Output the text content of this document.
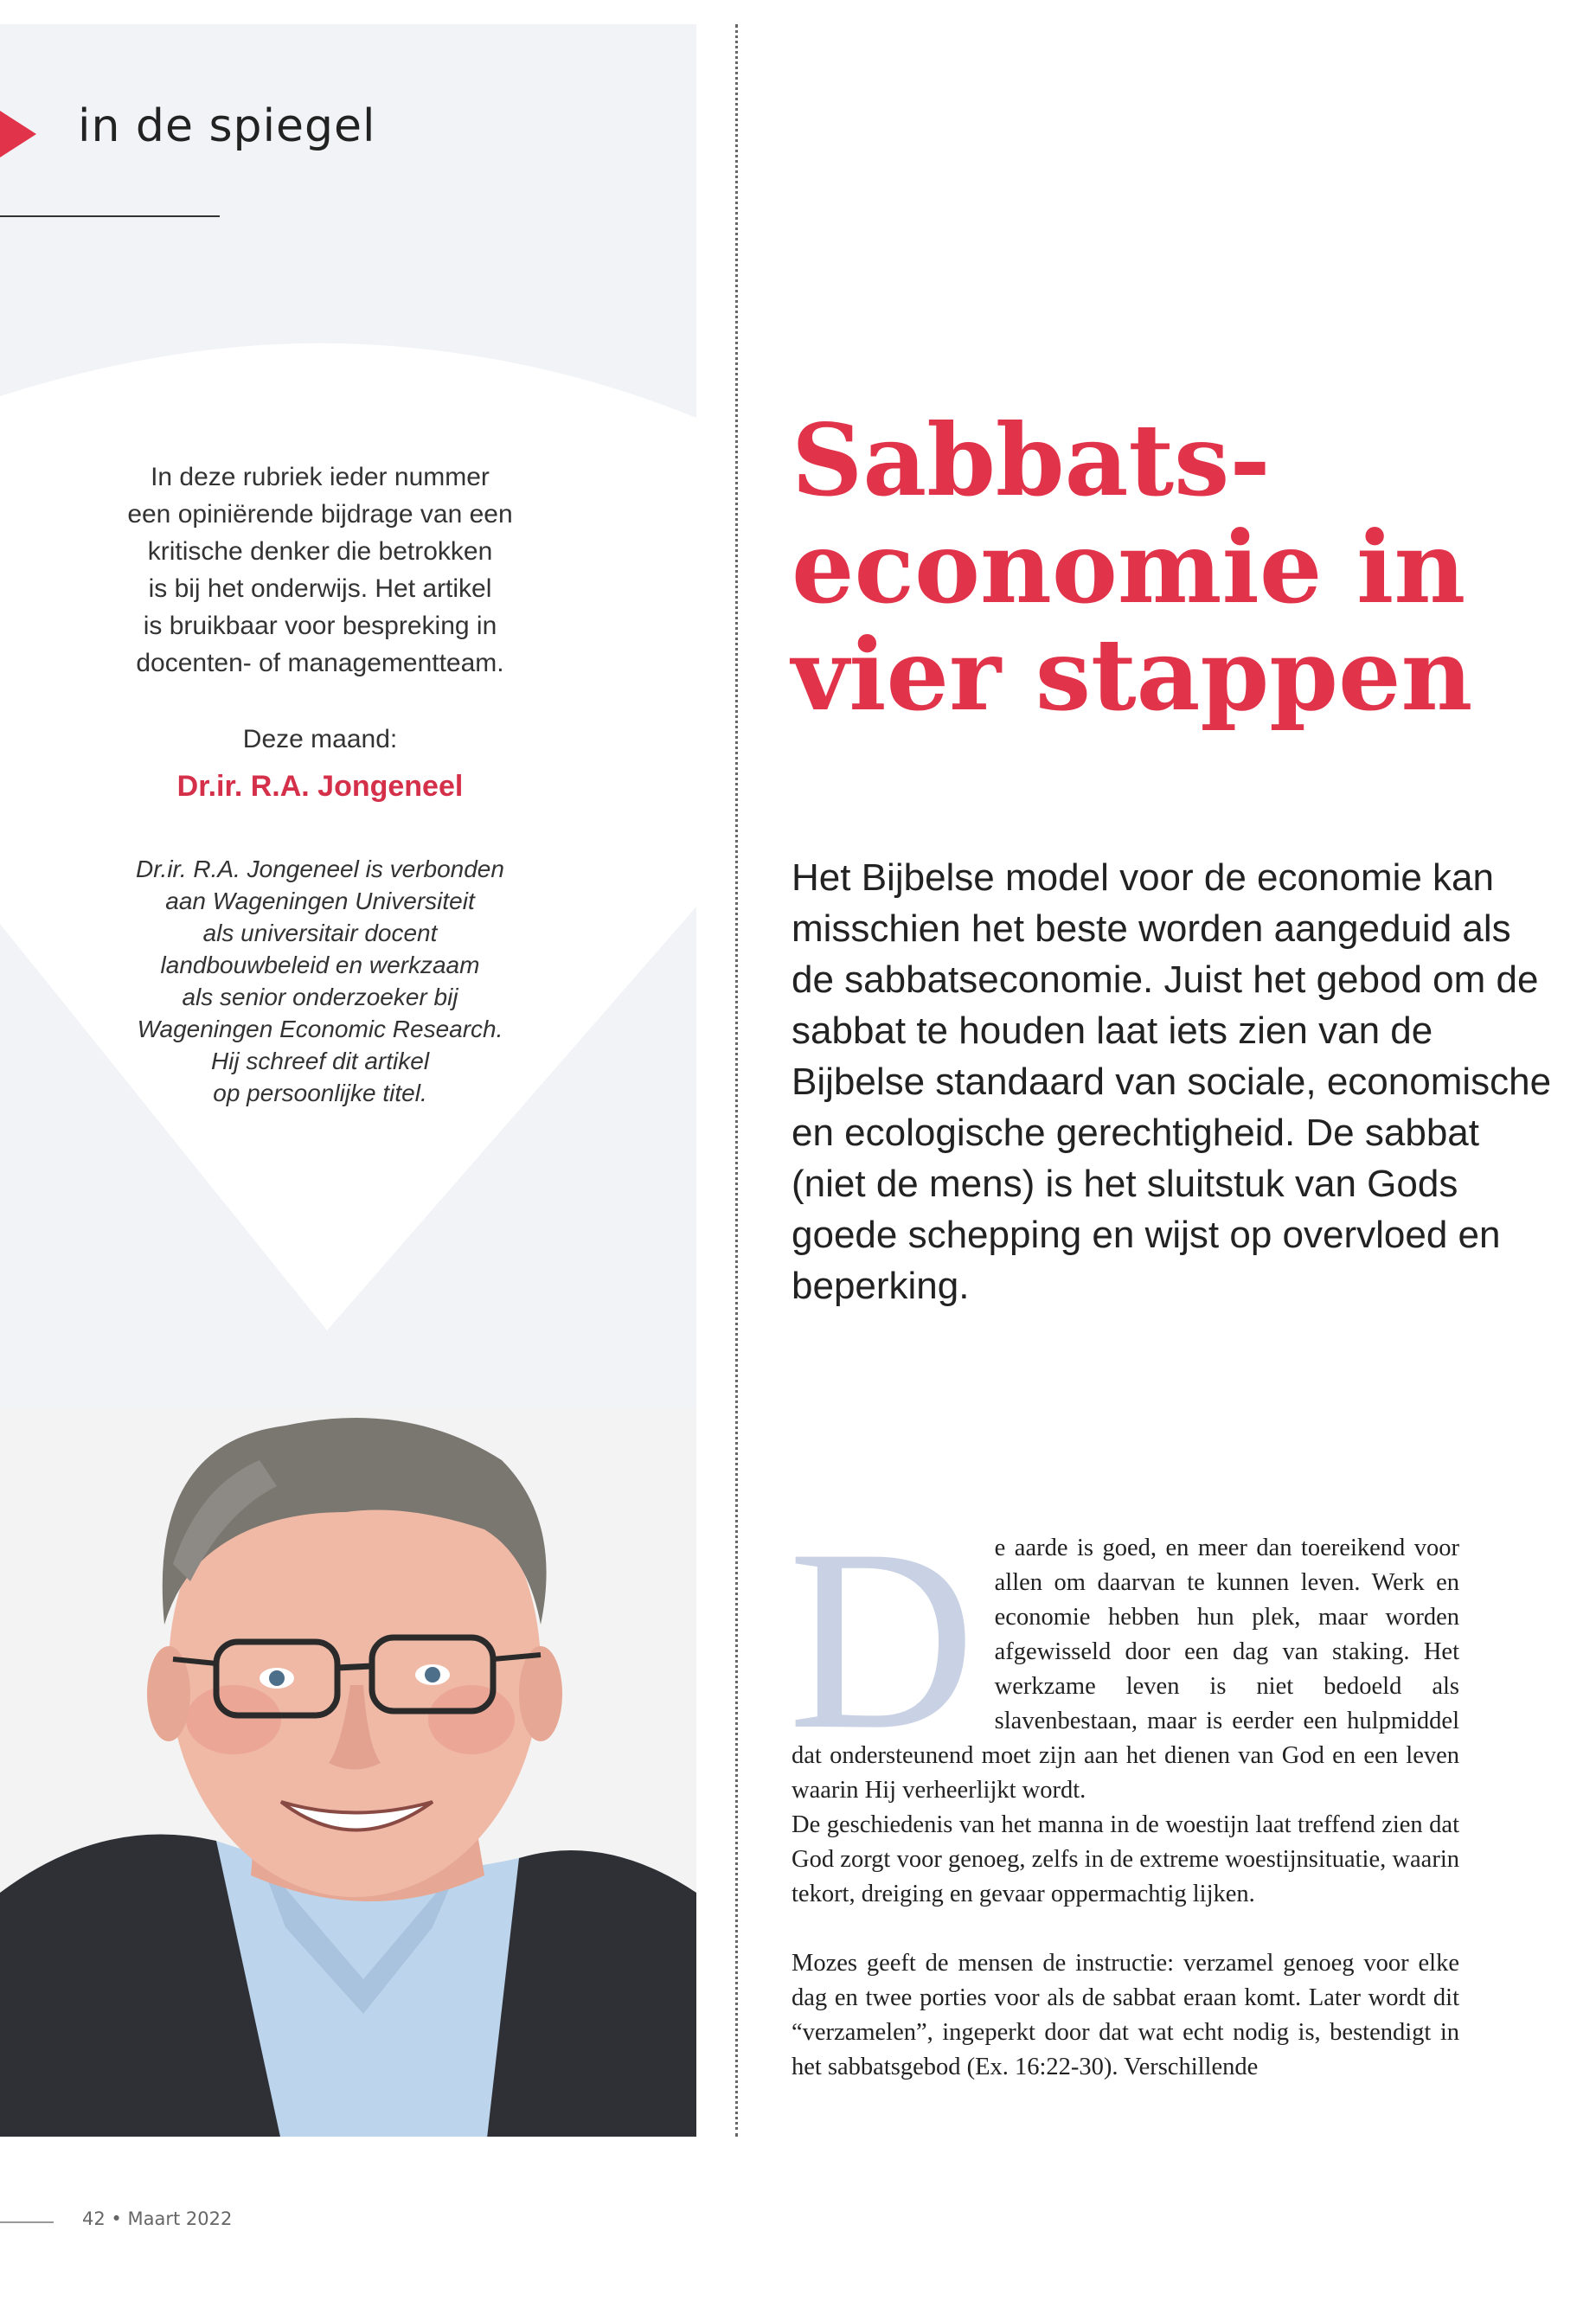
in de spiegel

In deze rubriek ieder nummer

een opiniërende bijdrage van een

kritische denker die betrokken

is bij het onderwijs. Het artikel

is bruikbaar voor bespreking in

docenten- of managementteam.

Deze maand:
Dr.ir. R.A. Jongeneel
Dr.ir. R.A. Jongeneel is verbonden
aan Wageningen Universiteit
als universitair docent
landbouwbeleid en werkzaam
als senior onderzoeker bij
Wageningen Economic Research.
Hij schreef dit artikel
op persoonlijke titel.
Sabbats-
economie in
vier stappen

Het Bijbelse model voor de economie kan misschien het beste worden aangeduid als de sabbatseconomie. Juist het gebod om de sabbat te houden laat iets zien van de Bijbelse standaard van sociale, economische en ecologische gerechtigheid. De sabbat (niet de mens) is het sluitstuk van Gods goede schepping en wijst op overvloed en beperking.

D e aarde is goed, en meer dan toereikend voor allen om daarvan te kunnen leven. Werk en economie hebben hun plek, maar worden afgewisseld door een dag van staking. Het werkzame leven is niet bedoeld als slavenbestaan, maar is eerder een hulpmiddel dat ondersteunend moet zijn aan het dienen van God en een leven waarin Hij verheerlijkt wordt.

De geschiedenis van het manna in de woestijn laat treffend zien dat God zorgt voor genoeg, zelfs in de extreme woestijnsituatie, waarin tekort, dreiging en gevaar oppermachtig lijken.

Mozes geeft de mensen de instructie: verzamel genoeg voor elke dag en twee porties voor als de sabbat eraan komt. Later wordt dit “verzamelen”, ingeperkt door dat wat echt nodig is, bestendigt in het sabbatsgebod (Ex. 16:22-30). Verschillende

42 • Maart 2022
